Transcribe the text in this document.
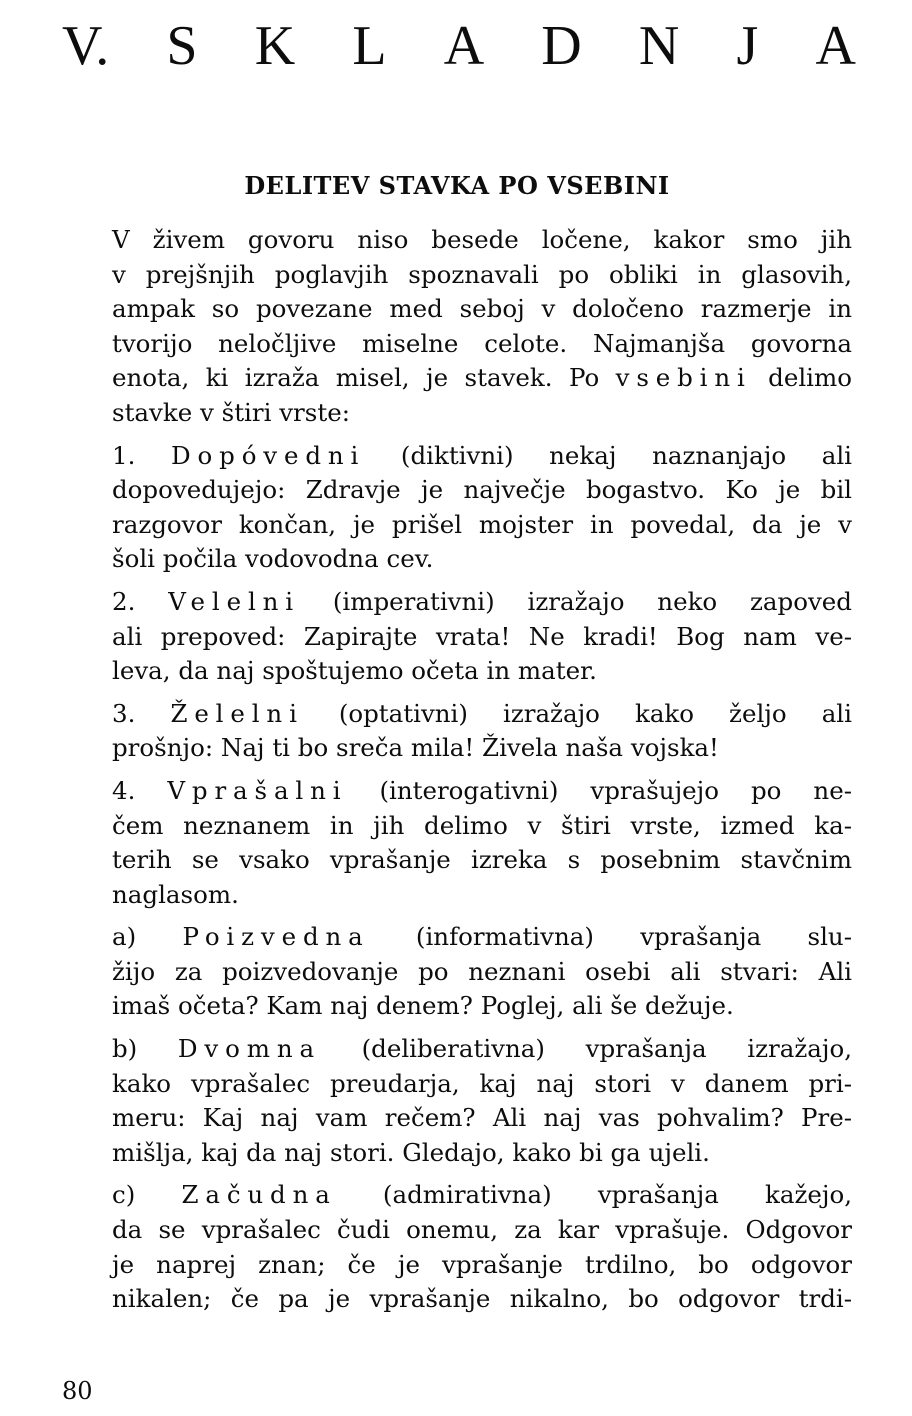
V. S K L A D N J A
DELITEV STAVKA PO VSEBINI

V živem govoru niso besede ločene, kakor smo jih
v prejšnjih poglavjih spoznavali po obliki in glasovih,
ampak so povezane med seboj v določeno razmerje in
tvorijo neločljive miselne celote. Najmanjša govorna
enota, ki izraža misel, je stavek. Po vsebini delimo
stavke v štiri vrste:

1. Dopóvedni (diktivni) nekaj naznanjajo ali
dopovedujejo: Zdravje je največje bogastvo. Ko je bil
razgovor končan, je prišel mojster in povedal, da je v
šoli počila vodovodna cev.

2. Velelni (imperativni) izražajo neko zapoved
ali prepoved: Zapirajte vrata! Ne kradi! Bog nam ve-
leva, da naj spoštujemo očeta in mater.

3. Želelni (optativni) izražajo kako željo ali
prošnjo: Naj ti bo sreča mila! Živela naša vojska!

4. Vprašalni (interogativni) vprašujejo po ne-
čem neznanem in jih delimo v štiri vrste, izmed ka-
terih se vsako vprašanje izreka s posebnim stavčnim
naglasom.

a) Poizvedna (informativna) vprašanja slu-
žijo za poizvedovanje po neznani osebi ali stvari: Ali
imaš očeta? Kam naj denem? Poglej, ali še dežuje.

b) Dvomna (deliberativna) vprašanja izražajo,
kako vprašalec preudarja, kaj naj stori v danem pri-
meru: Kaj naj vam rečem? Ali naj vas pohvalim? Pre-
mišlja, kaj da naj stori. Gledajo, kako bi ga ujeli.

c) Začudna (admirativna) vprašanja kažejo,
da se vprašalec čudi onemu, za kar vprašuje. Odgovor
je naprej znan; če je vprašanje trdilno, bo odgovor
nikalen; če pa je vprašanje nikalno, bo odgovor trdi-

80
